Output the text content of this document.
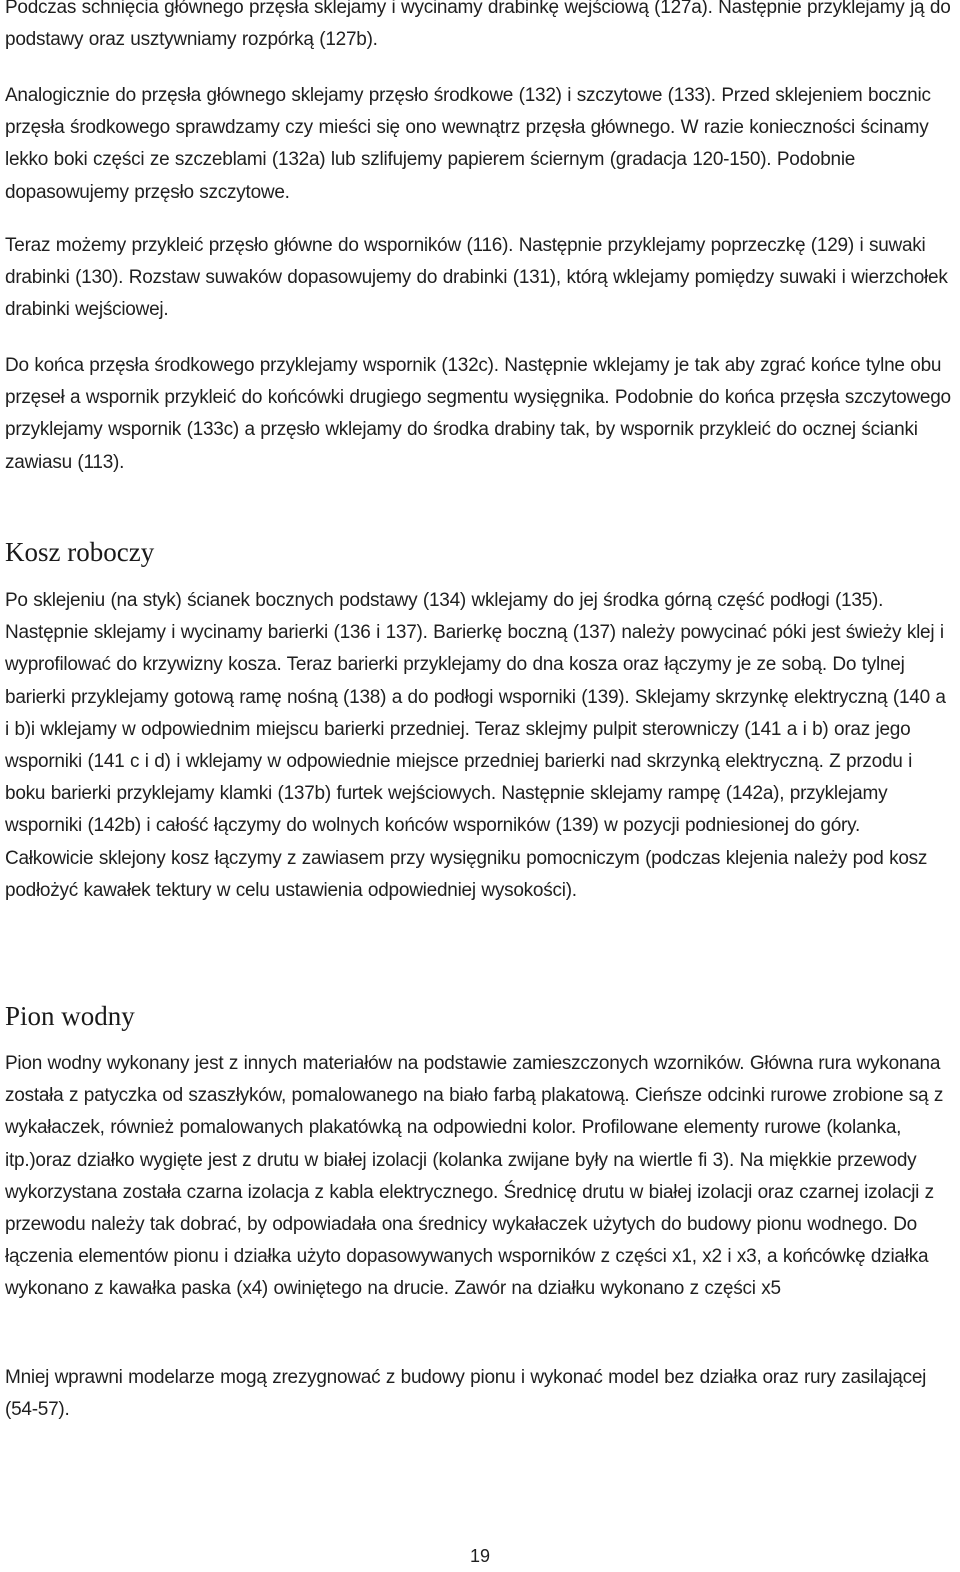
Podczas schnięcia głównego przęsła sklejamy i wycinamy drabinkę wejściową (127a). Następnie przyklejamy ją do podstawy oraz usztywniamy rozpórką (127b).

Analogicznie do przęsła głównego sklejamy przęsło środkowe (132) i szczytowe (133). Przed sklejeniem bocznic przęsła środkowego sprawdzamy czy mieści się ono wewnątrz przęsła głównego. W razie konieczności ścinamy lekko boki części ze szczeblami (132a) lub szlifujemy papierem ściernym (gradacja 120-150). Podobnie dopasowujemy przęsło szczytowe.

Teraz możemy przykleić przęsło główne do wsporników (116). Następnie przyklejamy poprzeczkę (129) i suwaki drabinki (130). Rozstaw suwaków dopasowujemy do drabinki (131), którą wklejamy pomiędzy suwaki i wierzchołek drabinki wejściowej.

Do końca przęsła środkowego przyklejamy wspornik (132c). Następnie wklejamy je tak aby zgrać końce tylne obu przęseł a wspornik przykleić do końcówki drugiego segmentu wysięgnika. Podobnie do końca przęsła szczytowego przyklejamy wspornik (133c) a przęsło wklejamy do środka drabiny tak, by wspornik przykleić do ocznej ścianki zawiasu (113).

Kosz roboczy

Po sklejeniu (na styk) ścianek bocznych podstawy (134) wklejamy do jej środka górną część podłogi (135). Następnie sklejamy i wycinamy barierki (136 i 137). Barierkę boczną (137) należy powycinać póki jest świeży klej i wyprofilować do krzywizny kosza. Teraz barierki przyklejamy do dna kosza oraz łączymy je ze sobą. Do tylnej barierki przyklejamy gotową ramę nośną (138) a do podłogi wsporniki (139). Sklejamy skrzynkę elektryczną (140 a i b)i wklejamy w odpowiednim miejscu barierki przedniej. Teraz sklejmy pulpit sterowniczy (141 a i b) oraz jego wsporniki (141 c i d) i wklejamy w odpowiednie miejsce przedniej barierki nad skrzynką elektryczną. Z przodu i boku barierki przyklejamy klamki (137b) furtek wejściowych. Następnie sklejamy rampę (142a), przyklejamy wsporniki (142b) i całość łączymy do wolnych końców wsporników (139) w pozycji podniesionej do góry. Całkowicie sklejony kosz łączymy z zawiasem przy wysięgniku pomocniczym (podczas klejenia należy pod kosz podłożyć kawałek tektury w celu ustawienia odpowiedniej wysokości).

Pion wodny

Pion wodny wykonany jest z innych materiałów na podstawie zamieszczonych wzorników. Główna rura wykonana została z patyczka od szaszłyków, pomalowanego na biało farbą plakatową. Cieńsze odcinki rurowe zrobione są z wykałaczek, również pomalowanych plakatówką na odpowiedni kolor. Profilowane elementy rurowe (kolanka, itp.)oraz działko wygięte jest z drutu w białej izolacji (kolanka zwijane były na wiertle fi 3). Na miękkie przewody wykorzystana została czarna izolacja z kabla elektrycznego. Średnicę drutu w białej izolacji oraz czarnej izolacji z przewodu należy tak dobrać, by odpowiadała ona średnicy wykałaczek użytych do budowy pionu wodnego. Do łączenia elementów pionu i działka użyto dopasowywanych wsporników z części x1, x2 i x3, a końcówkę działka wykonano z kawałka paska (x4) owiniętego na drucie. Zawór na działku wykonano z części x5

Mniej wprawni modelarze mogą zrezygnować z budowy pionu i wykonać model bez działka oraz rury zasilającej (54-57).

19
